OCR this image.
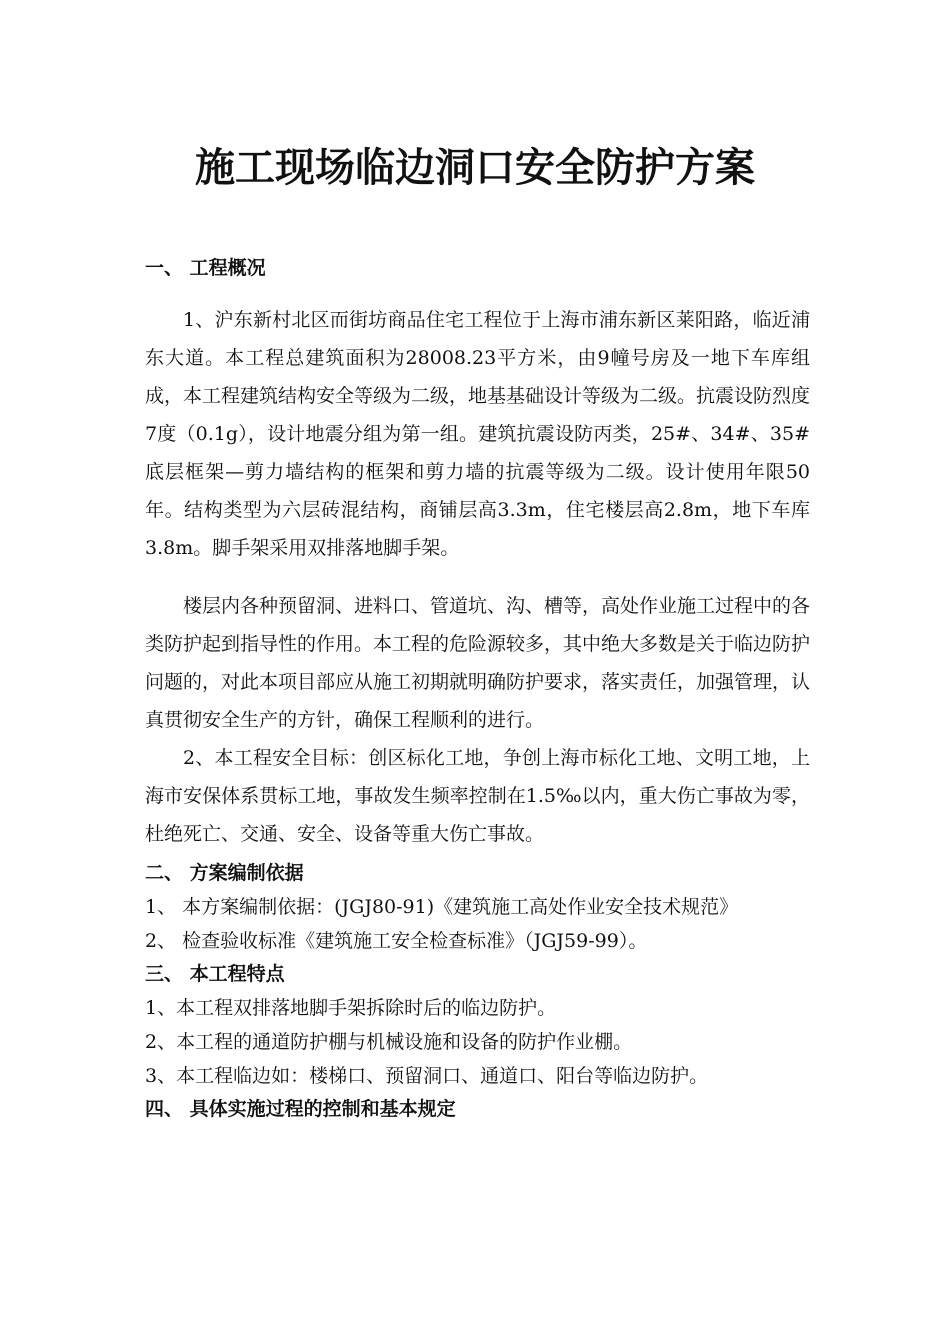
施工现场临边洞口安全防护方案
一、 工程概况

1、沪东新村北区而街坊商品住宅工程位于上海市浦东新区莱阳路，临近浦东大道。本工程总建筑面积为28008.23平方米，由9幢号房及一地下车库组成，本工程建筑结构安全等级为二级，地基基础设计等级为二级。抗震设防烈度7度（0.1g），设计地震分组为第一组。建筑抗震设防丙类，25#、34#、35#底层框架—剪力墙结构的框架和剪力墙的抗震等级为二级。设计使用年限50年。结构类型为六层砖混结构，商铺层高3.3m，住宅楼层高2.8m，地下车库3.8m。脚手架采用双排落地脚手架。

楼层内各种预留洞、进料口、管道坑、沟、槽等，高处作业施工过程中的各类防护起到指导性的作用。本工程的危险源较多，其中绝大多数是关于临边防护问题的，对此本项目部应从施工初期就明确防护要求，落实责任，加强管理，认真贯彻安全生产的方针，确保工程顺利的进行。

2、本工程安全目标：创区标化工地，争创上海市标化工地、文明工地，上海市安保体系贯标工地，事故发生频率控制在1.5‰以内，重大伤亡事故为零，杜绝死亡、交通、安全、设备等重大伤亡事故。

二、 方案编制依据
1、 本方案编制依据：(JGJ80-91)《建筑施工高处作业安全技术规范》
2、 检查验收标准《建筑施工安全检查标准》（JGJ59-99）。
三、 本工程特点
1、本工程双排落地脚手架拆除时后的临边防护。
2、本工程的通道防护棚与机械设施和设备的防护作业棚。
3、本工程临边如：楼梯口、预留洞口、通道口、阳台等临边防护。
四、 具体实施过程的控制和基本规定
